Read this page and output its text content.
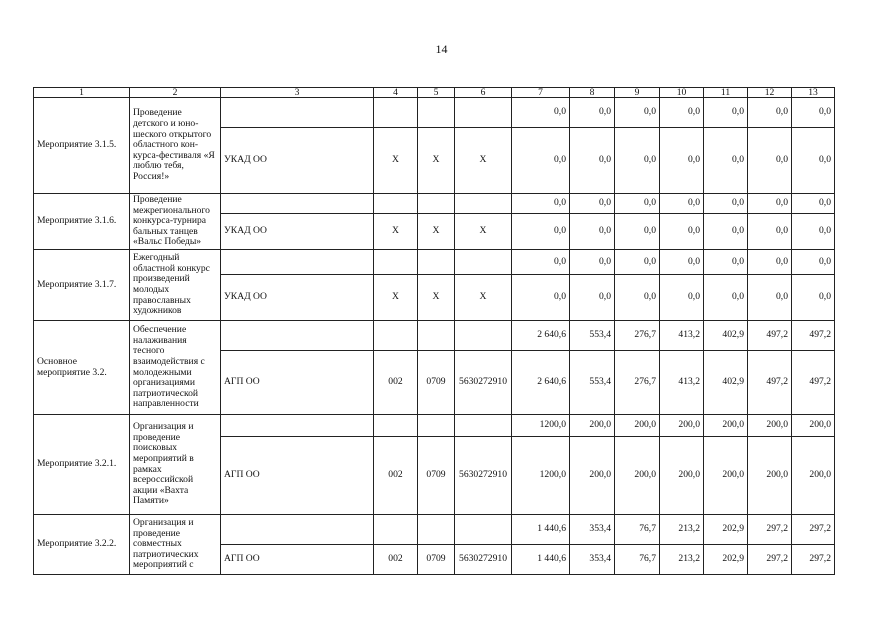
14
1	2	3	4	5	6	7	8	9	10	11	12	13
Мероприятие 3.1.5.	Проведение детского и юно-шеского открытого областного кон-курса-фестиваля «Я люблю тебя, Россия!»					0,0	0,0	0,0	0,0	0,0	0,0	0,0
		УКАД ОО	X	X	X	0,0	0,0	0,0	0,0	0,0	0,0	0,0
Мероприятие 3.1.6.	Проведение межрегионального конкурса-турнира бальных танцев «Вальс Победы»					0,0	0,0	0,0	0,0	0,0	0,0	0,0
		УКАД ОО	X	X	X	0,0	0,0	0,0	0,0	0,0	0,0	0,0
Мероприятие 3.1.7.	Ежегодный областной конкурс произведений молодых православных художников					0,0	0,0	0,0	0,0	0,0	0,0	0,0
		УКАД ОО	X	X	X	0,0	0,0	0,0	0,0	0,0	0,0	0,0
Основное мероприятие 3.2.	Обеспечение налаживания тесного взаимодействия с молодежными организациями патриотической направленности					2 640,6	553,4	276,7	413,2	402,9	497,2	497,2
		АГП ОО	002	0709	5630272910	2 640,6	553,4	276,7	413,2	402,9	497,2	497,2
Мероприятие 3.2.1.	Организация и проведение поисковых мероприятий в рамках всероссийской акции «Вахта Памяти»					1200,0	200,0	200,0	200,0	200,0	200,0	200,0
		АГП ОО	002	0709	5630272910	1200,0	200,0	200,0	200,0	200,0	200,0	200,0
Мероприятие 3.2.2.	Организация и проведение совместных патриотических мероприятий с					1 440,6	353,4	76,7	213,2	202,9	297,2	297,2
		АГП ОО	002	0709	5630272910	1 440,6	353,4	76,7	213,2	202,9	297,2	297,2
